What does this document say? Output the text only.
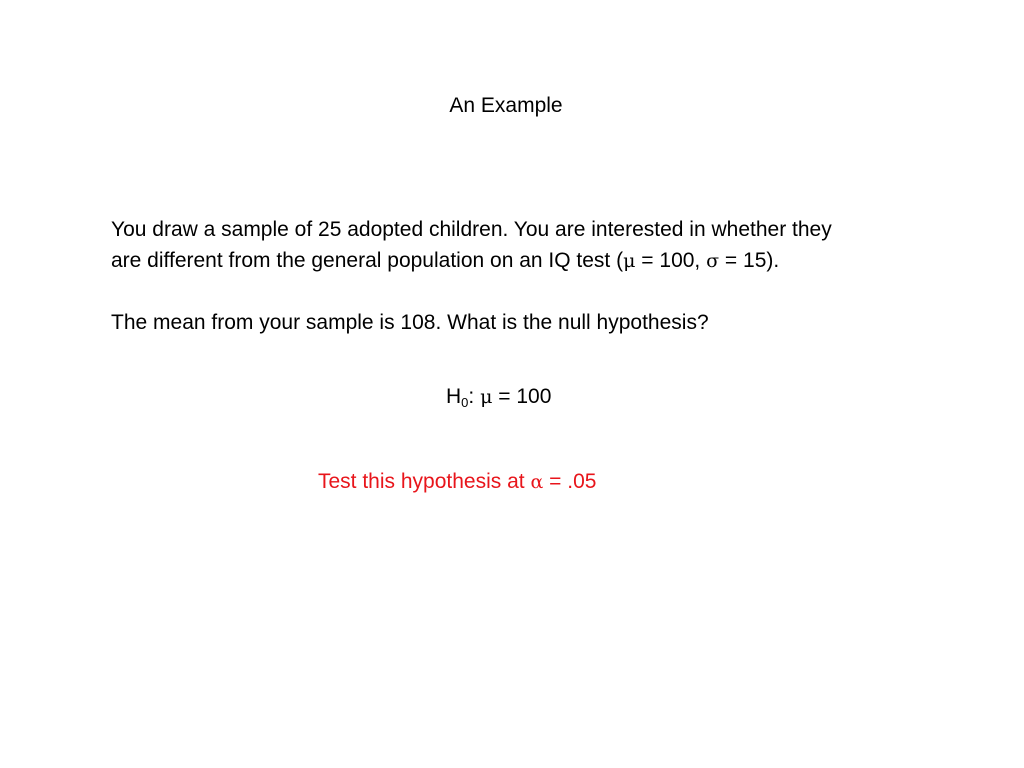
An Example
You draw a sample of 25 adopted children. You are interested in whether they
are different from the general population on an IQ test (μ = 100, σ = 15).
The mean from your sample is 108. What is the null hypothesis?
$H_0$: μ = 100
Test this hypothesis at α = .05
